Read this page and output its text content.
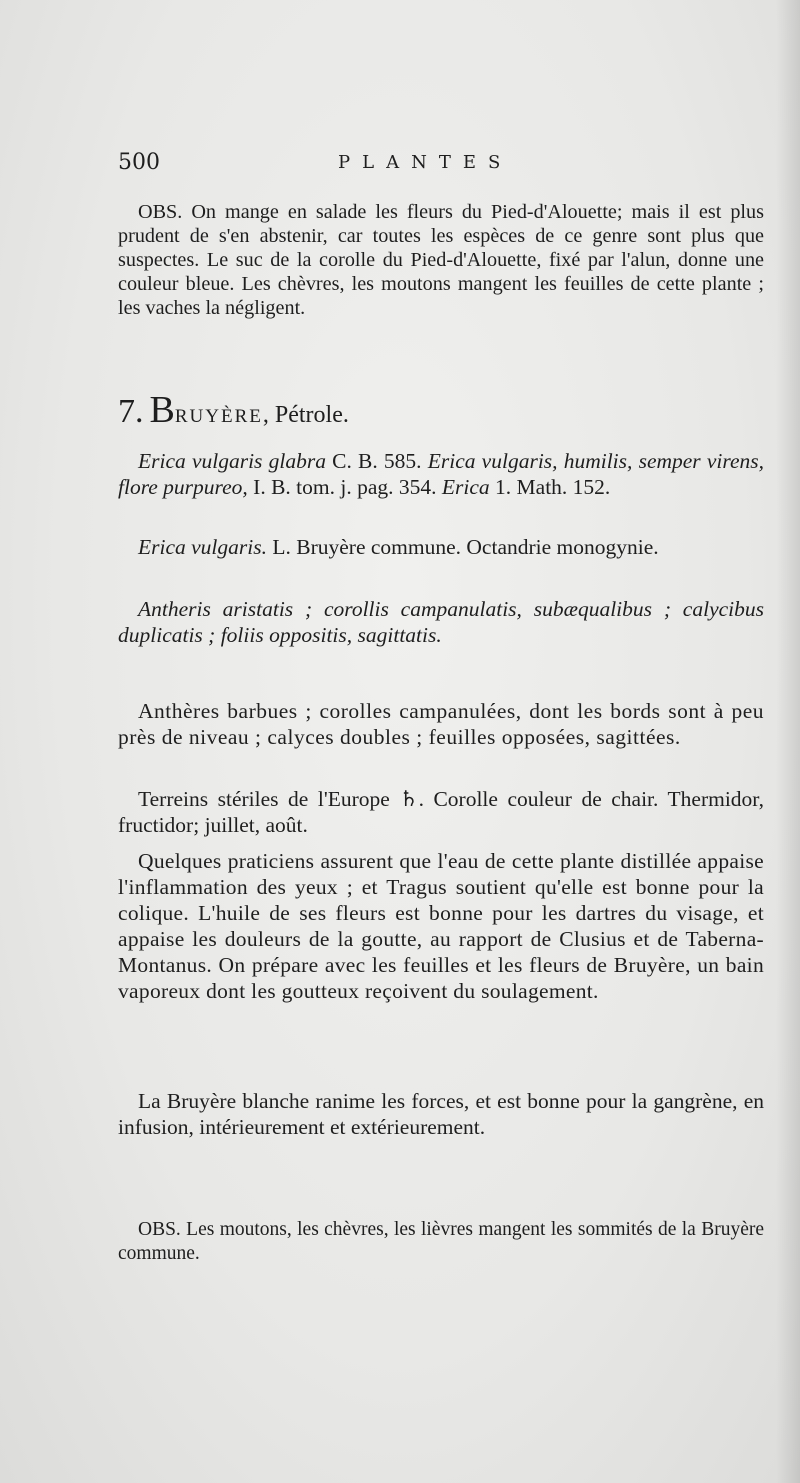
500	PLANTES

OBS. On mange en salade les fleurs du Pied-d'Alouette; mais il est plus prudent de s'en abstenir, car toutes les espèces de ce genre sont plus que suspectes. Le suc de la corolle du Pied-d'Alouette, fixé par l'alun, donne une couleur bleue. Les chèvres, les moutons mangent les feuilles de cette plante ; les vaches la négligent.

7. BRUYÈRE, Pétrole.

Erica vulgaris glabra C. B. 585. Erica vulgaris, humilis, semper virens, flore purpureo, I. B. tom. j. pag. 354. Erica 1. Math. 152.

Erica vulgaris. L. Bruyère commune. Octandrie monogynie.

Antheris aristatis ; corollis campanulatis, subæqualibus ; calycibus duplicatis ; foliis oppositis, sagittatis.

Anthères barbues ; corolles campanulées, dont les bords sont à peu près de niveau ; calyces doubles ; feuilles opposées, sagittées.

Terreins stériles de l'Europe ♄. Corolle couleur de chair. Thermidor, fructidor; juillet, août.

Quelques praticiens assurent que l'eau de cette plante distillée appaise l'inflammation des yeux ; et Tragus soutient qu'elle est bonne pour la colique. L'huile de ses fleurs est bonne pour les dartres du visage, et appaise les douleurs de la goutte, au rapport de Clusius et de Taberna-Montanus. On prépare avec les feuilles et les fleurs de Bruyère, un bain vaporeux dont les goutteux reçoivent du soulagement.

La Bruyère blanche ranime les forces, et est bonne pour la gangrène, en infusion, intérieurement et extérieurement.

OBS. Les moutons, les chèvres, les lièvres mangent les sommités de la Bruyère commune.
